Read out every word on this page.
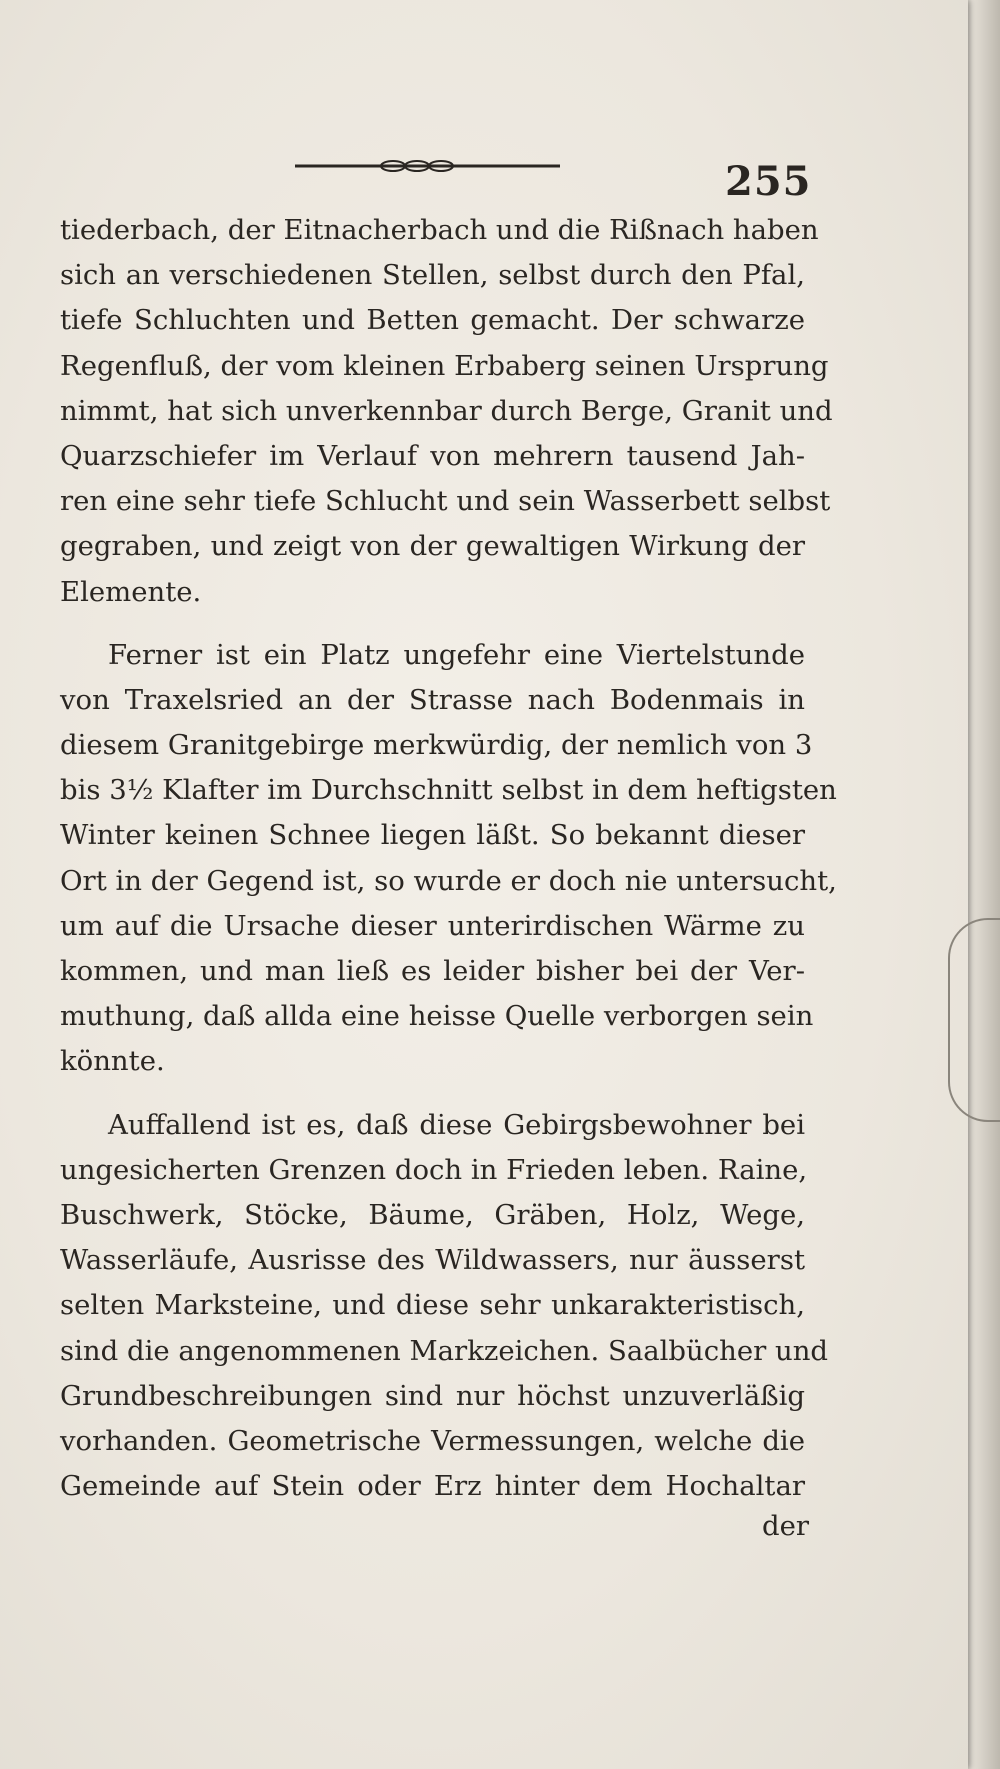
255
tiederbach, der Eitnacherbach und die Rißnach haben
sich an verschiedenen Stellen, selbst durch den Pfal,
tiefe Schluchten und Betten gemacht. Der schwarze
Regenfluß, der vom kleinen Erbaberg seinen Ursprung
nimmt, hat sich unverkennbar durch Berge, Granit und
Quarzschiefer im Verlauf von mehrern tausend Jah-
ren eine sehr tiefe Schlucht und sein Wasserbett selbst
gegraben, und zeigt von der gewaltigen Wirkung der
Elemente.
Ferner ist ein Platz ungefehr eine Viertelstunde
von Traxelsried an der Strasse nach Bodenmais in
diesem Granitgebirge merkwürdig, der nemlich von 3
bis 3½ Klafter im Durchschnitt selbst in dem heftigsten
Winter keinen Schnee liegen läßt. So bekannt dieser
Ort in der Gegend ist, so wurde er doch nie untersucht,
um auf die Ursache dieser unterirdischen Wärme zu
kommen, und man ließ es leider bisher bei der Ver-
muthung, daß allda eine heisse Quelle verborgen sein
könnte.
Auffallend ist es, daß diese Gebirgsbewohner bei
ungesicherten Grenzen doch in Frieden leben. Raine,
Buschwerk, Stöcke, Bäume, Gräben, Holz, Wege,
Wasserläufe, Ausrisse des Wildwassers, nur äusserst
selten Marksteine, und diese sehr unkarakteristisch,
sind die angenommenen Markzeichen. Saalbücher und
Grundbeschreibungen sind nur höchst unzuverläßig
vorhanden. Geometrische Vermessungen, welche die
Gemeinde auf Stein oder Erz hinter dem Hochaltar
der
